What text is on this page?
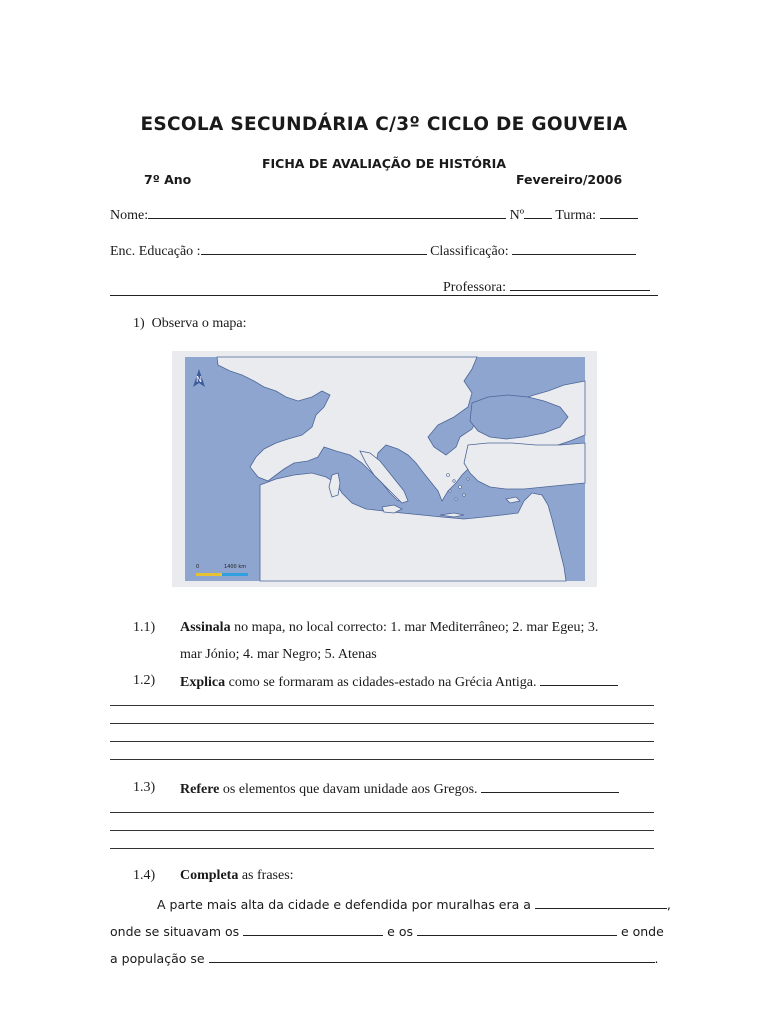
ESCOLA SECUNDÁRIA C/3º CICLO DE GOUVEIA
FICHA DE AVALIAÇÃO DE HISTÓRIA
7º Ano	Fevereiro/2006
Nome:	Nº Turma:
Enc. Educação :	Classificação:
Professora:
1) Observa o mapa:
N
0	1400 km
1.1) Assinala no mapa, no local correcto: 1. mar Mediterrâneo; 2. mar Egeu; 3.
mar Jónio; 4. mar Negro; 5. Atenas
1.2) Explica como se formaram as cidades-estado na Grécia Antiga.
1.3) Refere os elementos que davam unidade aos Gregos.
1.4) Completa as frases:
A parte mais alta da cidade e defendida por muralhas era a	,
onde se situavam os	e os	e onde
a população se	.
